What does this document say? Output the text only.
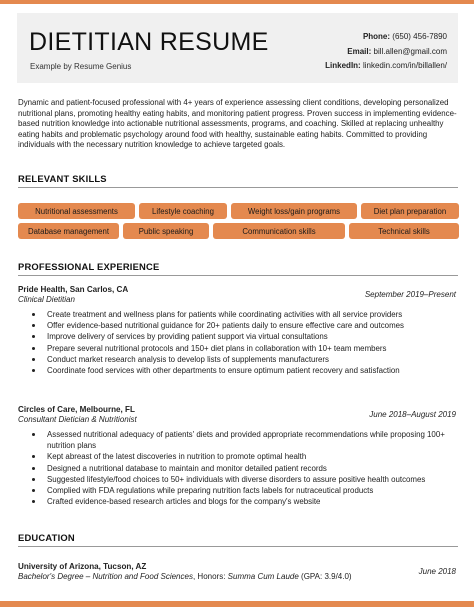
DIETITIAN RESUME
Example by Resume Genius
Phone: (650) 456-7890
Email: bill.allen@gmail.com
LinkedIn: linkedin.com/in/billallen/
Dynamic and patient-focused professional with 4+ years of experience assessing client conditions, developing personalized nutritional plans, promoting healthy eating habits, and monitoring patient progress. Proven success in implementing evidence-based nutrition knowledge into actionable nutritional assessments, programs, and coaching. Skilled at replacing unhealthy eating habits and problematic psychology around food with healthy, sustainable eating habits. Committed to providing individuals with the necessary nutrition knowledge to achieve targeted goals.
RELEVANT SKILLS
Nutritional assessments	Lifestyle coaching	Weight loss/gain programs	Diet plan preparation
Database management	Public speaking	Communication skills	Technical skills
PROFESSIONAL EXPERIENCE
Pride Health, San Carlos, CA
Clinical Dietitian
September 2019–Present
Create treatment and wellness plans for patients while coordinating activities with all service providers
Offer evidence-based nutritional guidance for 20+ patients daily to ensure effective care and outcomes
Improve delivery of services by providing patient support via virtual consultations
Prepare several nutritional protocols and 150+ diet plans in collaboration with 10+ team members
Conduct market research analysis to develop lists of supplements manufacturers
Coordinate food services with other departments to ensure optimum patient recovery and satisfaction
Circles of Care, Melbourne, FL
Consultant Dietician & Nutritionist
June 2018–August 2019
Assessed nutritional adequacy of patients' diets and provided appropriate recommendations while proposing 100+ nutrition plans
Kept abreast of the latest discoveries in nutrition to promote optimal health
Designed a nutritional database to maintain and monitor detailed patient records
Suggested lifestyle/food choices to 50+ individuals with diverse disorders to assure positive health outcomes
Complied with FDA regulations while preparing nutrition facts labels for nutraceutical products
Crafted evidence-based research articles and blogs for the company's website
EDUCATION
University of Arizona, Tucson, AZ
Bachelor's Degree – Nutrition and Food Sciences, Honors: Summa Cum Laude (GPA: 3.9/4.0)
June 2018
